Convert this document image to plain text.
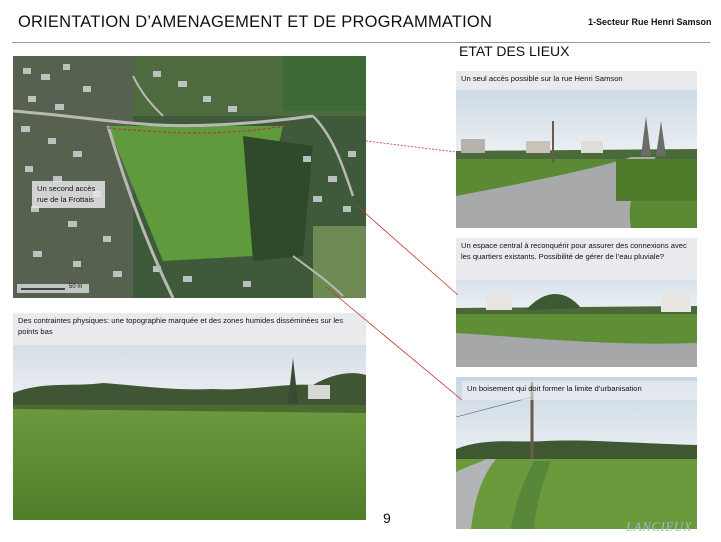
ORIENTATION D’AMENAGEMENT ET DE PROGRAMMATION	1-Secteur Rue Henri Samson
ETAT DES LIEUX
Un second accès rue de la Frottais
50 m
Des contraintes physiques: une topographie marquée et des zones humides disséminées sur les points bas
Un seul accès possible sur la rue Henri Samson
Un espace central à reconquérir pour assurer des connexions avec les quartiers existants. Possibilité de gérer de l’eau pluviale?
Un boisement qui doit former la limite d’urbanisation
9
LANCIEUX
